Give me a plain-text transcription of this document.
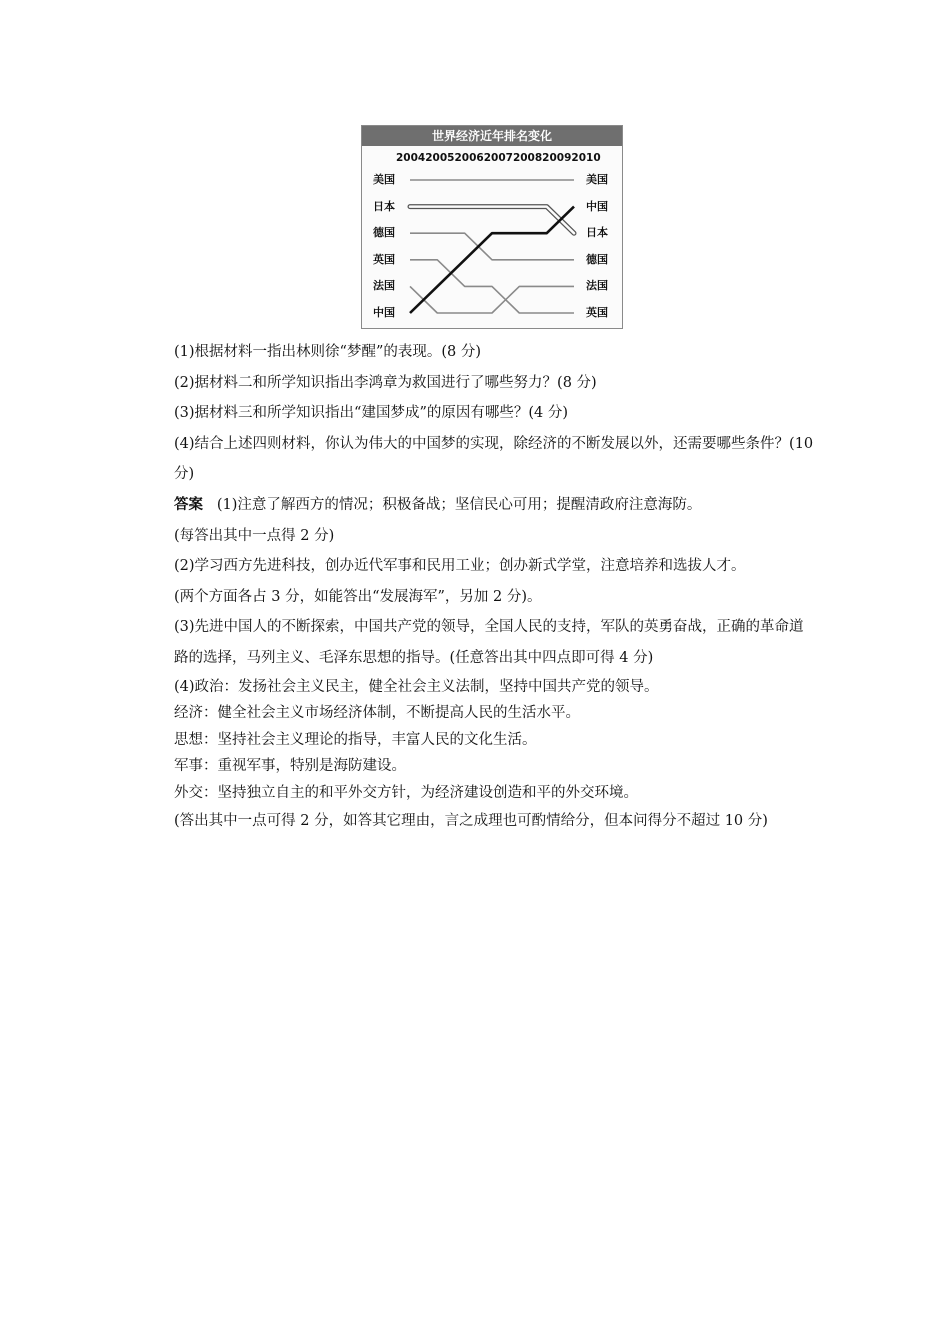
世界经济近年排名变化
2004 2005 2006 2007 2008 2009 2010
美国
日本
德国
英国
法国
中国
美国
中国
日本
德国
法国
英国

(1)根据材料一指出林则徐“梦醒”的表现。(8 分)

(2)据材料二和所学知识指出李鸿章为救国进行了哪些努力？(8 分)

(3)据材料三和所学知识指出“建国梦成”的原因有哪些？(4 分)

(4)结合上述四则材料，你认为伟大的中国梦的实现，除经济的不断发展以外，还需要哪些条件？(10 分)

答案 (1)注意了解西方的情况；积极备战；坚信民心可用；提醒清政府注意海防。

(每答出其中一点得 2 分)

(2)学习西方先进科技，创办近代军事和民用工业；创办新式学堂，注意培养和选拔人才。

(两个方面各占 3 分，如能答出“发展海军”，另加 2 分)。

(3)先进中国人的不断探索，中国共产党的领导，全国人民的支持，军队的英勇奋战，正确的革命道路的选择，马列主义、毛泽东思想的指导。(任意答出其中四点即可得 4 分)

(4)政治：发扬社会主义民主，健全社会主义法制，坚持中国共产党的领导。

经济：健全社会主义市场经济体制，不断提高人民的生活水平。

思想：坚持社会主义理论的指导，丰富人民的文化生活。

军事：重视军事，特别是海防建设。

外交：坚持独立自主的和平外交方针，为经济建设创造和平的外交环境。

(答出其中一点可得 2 分，如答其它理由，言之成理也可酌情给分，但本问得分不超过 10 分)
